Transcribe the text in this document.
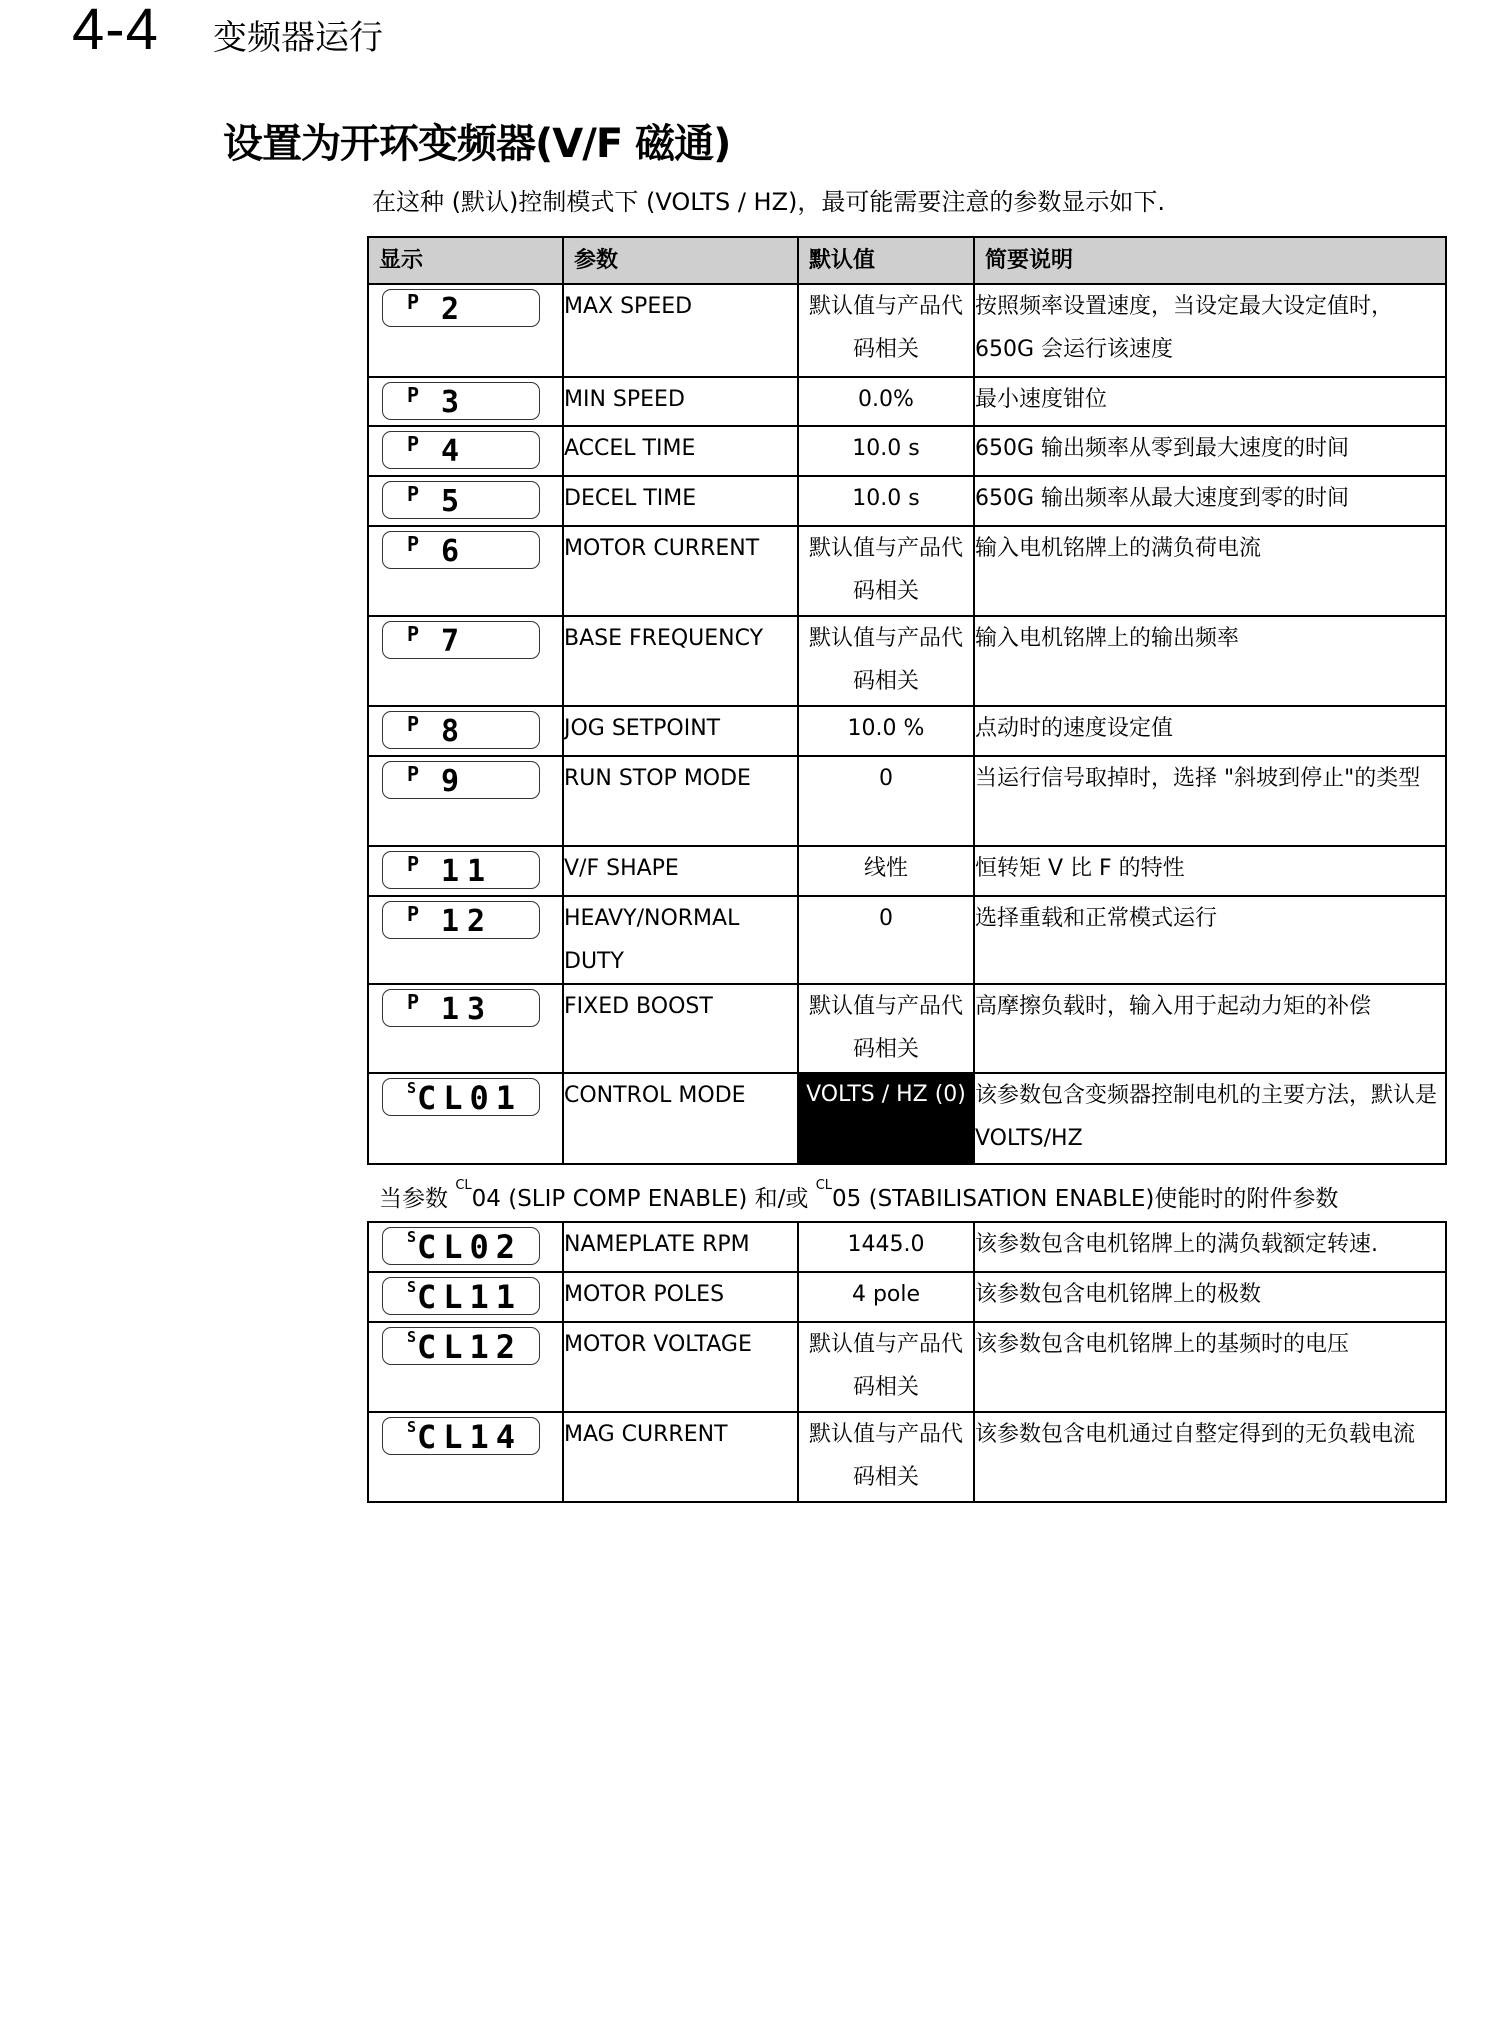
4-4 变频器运行
设置为开环变频器(V/F 磁通)
在这种 (默认)控制模式下 (VOLTS / HZ)，最可能需要注意的参数显示如下.
显示	参数	默认值	简要说明

P 2	MAX SPEED	默认值与产品代码相关	按照频率设置速度，当设定最大设定值时，650G 会运行该速度

P 3	MIN SPEED	0.0%	最小速度钳位

P 4	ACCEL TIME	10.0 s	650G 输出频率从零到最大速度的时间

P 5	DECEL TIME	10.0 s	650G 输出频率从最大速度到零的时间

P 6	MOTOR CURRENT	默认值与产品代码相关	输入电机铭牌上的满负荷电流

P 7	BASE FREQUENCY	默认值与产品代码相关	输入电机铭牌上的输出频率

P 8	JOG SETPOINT	10.0 %	点动时的速度设定值

P 9	RUN STOP MODE	0	当运行信号取掉时，选择 "斜坡到停止"的类型

P 11	V/F SHAPE	线性	恒转矩 V 比 F 的特性

P 12	HEAVY/NORMAL DUTY	0	选择重载和正常模式运行

P 13	FIXED BOOST	默认值与产品代码相关	高摩擦负载时，输入用于起动力矩的补偿

S CL01	CONTROL MODE	VOLTS / HZ (0)	该参数包含变频器控制电机的主要方法，默认是 VOLTS/HZ
当参数 $^{CL}$04 (SLIP COMP ENABLE) 和/或 $^{CL}$05 (STABILISATION ENABLE)使能时的附件参数
S CL02	NAMEPLATE RPM	1445.0	该参数包含电机铭牌上的满负载额定转速.

S CL11	MOTOR POLES	4 pole	该参数包含电机铭牌上的极数

S CL12	MOTOR VOLTAGE	默认值与产品代码相关	该参数包含电机铭牌上的基频时的电压

S CL14	MAG CURRENT	默认值与产品代码相关	该参数包含电机通过自整定得到的无负载电流
